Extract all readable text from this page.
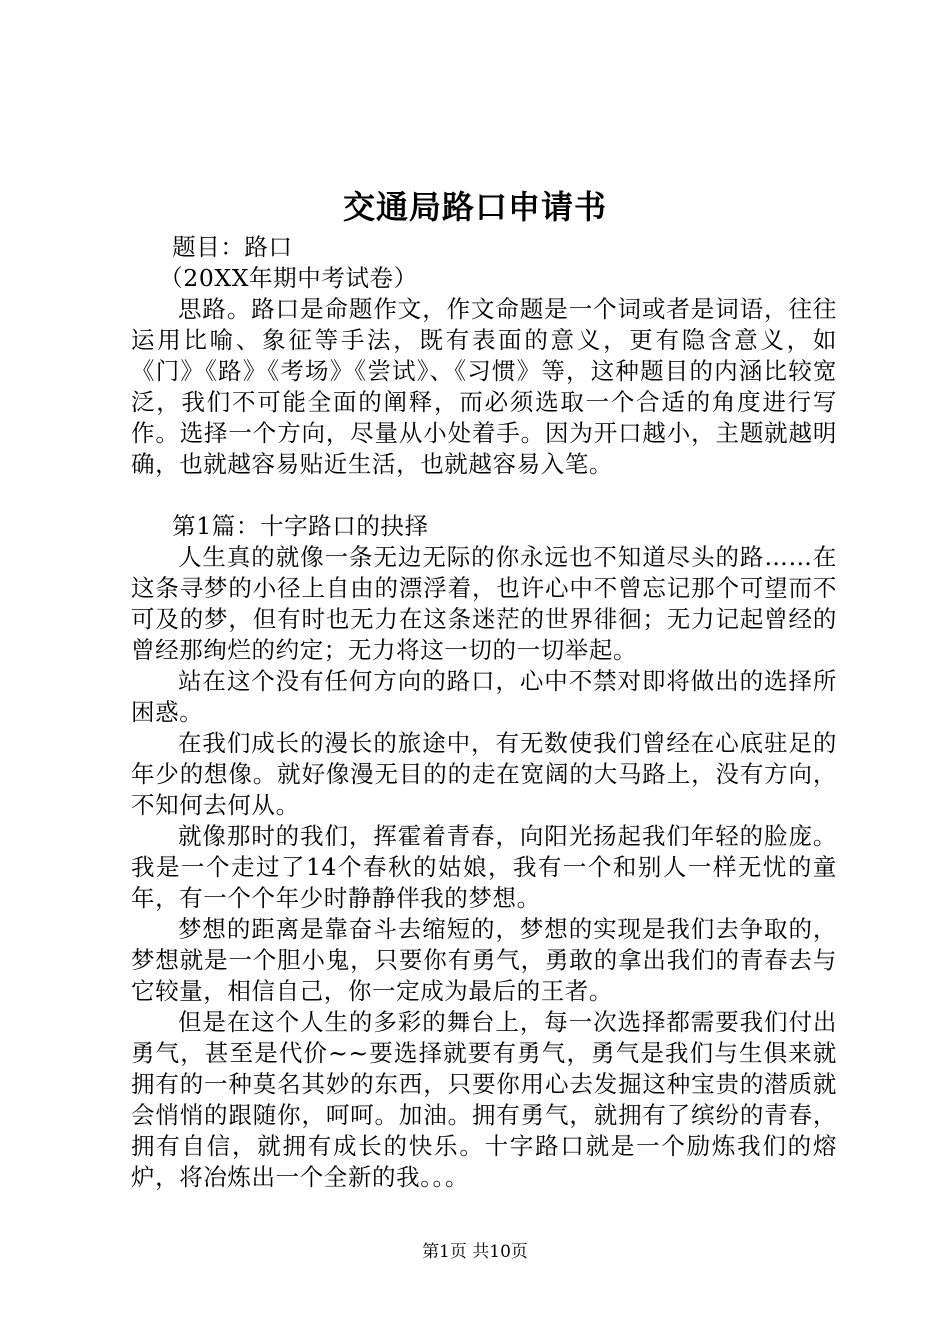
交通局路口申请书

题目：路口

（20XX年期中考试卷）

思路。路口是命题作文，作文命题是一个词或者是词语，往往运用比喻、象征等手法，既有表面的意义，更有隐含意义，如《门》《路》《考场》《尝试》、《习惯》等，这种题目的内涵比较宽泛，我们不可能全面的阐释，而必须选取一个合适的角度进行写作。选择一个方向，尽量从小处着手。因为开口越小，主题就越明确，也就越容易贴近生活，也就越容易入笔。

第1篇：十字路口的抉择

人生真的就像一条无边无际的你永远也不知道尽头的路……在这条寻梦的小径上自由的漂浮着，也许心中不曾忘记那个可望而不可及的梦，但有时也无力在这条迷茫的世界徘徊；无力记起曾经的曾经那绚烂的约定；无力将这一切的一切举起。

站在这个没有任何方向的路口，心中不禁对即将做出的选择所困惑。

在我们成长的漫长的旅途中，有无数使我们曾经在心底驻足的年少的想像。就好像漫无目的的走在宽阔的大马路上，没有方向，不知何去何从。

就像那时的我们，挥霍着青春，向阳光扬起我们年轻的脸庞。我是一个走过了14个春秋的姑娘，我有一个和别人一样无忧的童年，有一个个年少时静静伴我的梦想。

梦想的距离是靠奋斗去缩短的，梦想的实现是我们去争取的，梦想就是一个胆小鬼，只要你有勇气，勇敢的拿出我们的青春去与它较量，相信自己，你一定成为最后的王者。

但是在这个人生的多彩的舞台上，每一次选择都需要我们付出勇气，甚至是代价~~要选择就要有勇气，勇气是我们与生俱来就拥有的一种莫名其妙的东西，只要你用心去发掘这种宝贵的潜质就会悄悄的跟随你，呵呵。加油。拥有勇气，就拥有了缤纷的青春，拥有自信，就拥有成长的快乐。十字路口就是一个励炼我们的熔炉，将冶炼出一个全新的我。。。

第1页 共10页
